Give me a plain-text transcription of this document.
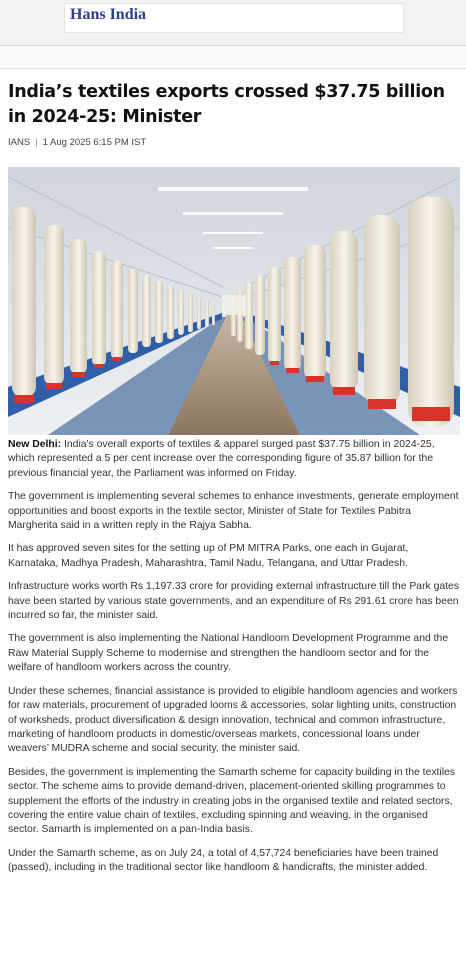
Hans India
India’s textiles exports crossed $37.75 billion in 2024-25: Minister
IANS | 1 Aug 2025 6:15 PM IST

New Delhi: India's overall exports of textiles & apparel surged past $37.75 billion in 2024-25, which represented a 5 per cent increase over the corresponding figure of 35.87 billion for the previous financial year, the Parliament was informed on Friday.

The government is implementing several schemes to enhance investments, generate employment opportunities and boost exports in the textile sector, Minister of State for Textiles Pabitra Margherita said in a written reply in the Rajya Sabha.

It has approved seven sites for the setting up of PM MITRA Parks, one each in Gujarat, Karnataka, Madhya Pradesh, Maharashtra, Tamil Nadu, Telangana, and Uttar Pradesh.

Infrastructure works worth Rs 1,197.33 crore for providing external infrastructure till the Park gates have been started by various state governments, and an expenditure of Rs 291.61 crore has been incurred so far, the minister said.

The government is also implementing the National Handloom Development Programme and the Raw Material Supply Scheme to modernise and strengthen the handloom sector and for the welfare of handloom workers across the country.

Under these schemes, financial assistance is provided to eligible handloom agencies and workers for raw materials, procurement of upgraded looms & accessories, solar lighting units, construction of worksheds, product diversification & design innovation, technical and common infrastructure, marketing of handloom products in domestic/overseas markets, concessional loans under weavers’ MUDRA scheme and social security, the minister said.

Besides, the government is implementing the Samarth scheme for capacity building in the textiles sector. The scheme aims to provide demand-driven, placement-oriented skilling programmes to supplement the efforts of the industry in creating jobs in the organised textile and related sectors, covering the entire value chain of textiles, excluding spinning and weaving, in the organised sector. Samarth is implemented on a pan-India basis.

Under the Samarth scheme, as on July 24, a total of 4,57,724 beneficiaries have been trained (passed), including in the traditional sector like handloom & handicrafts, the minister added.
